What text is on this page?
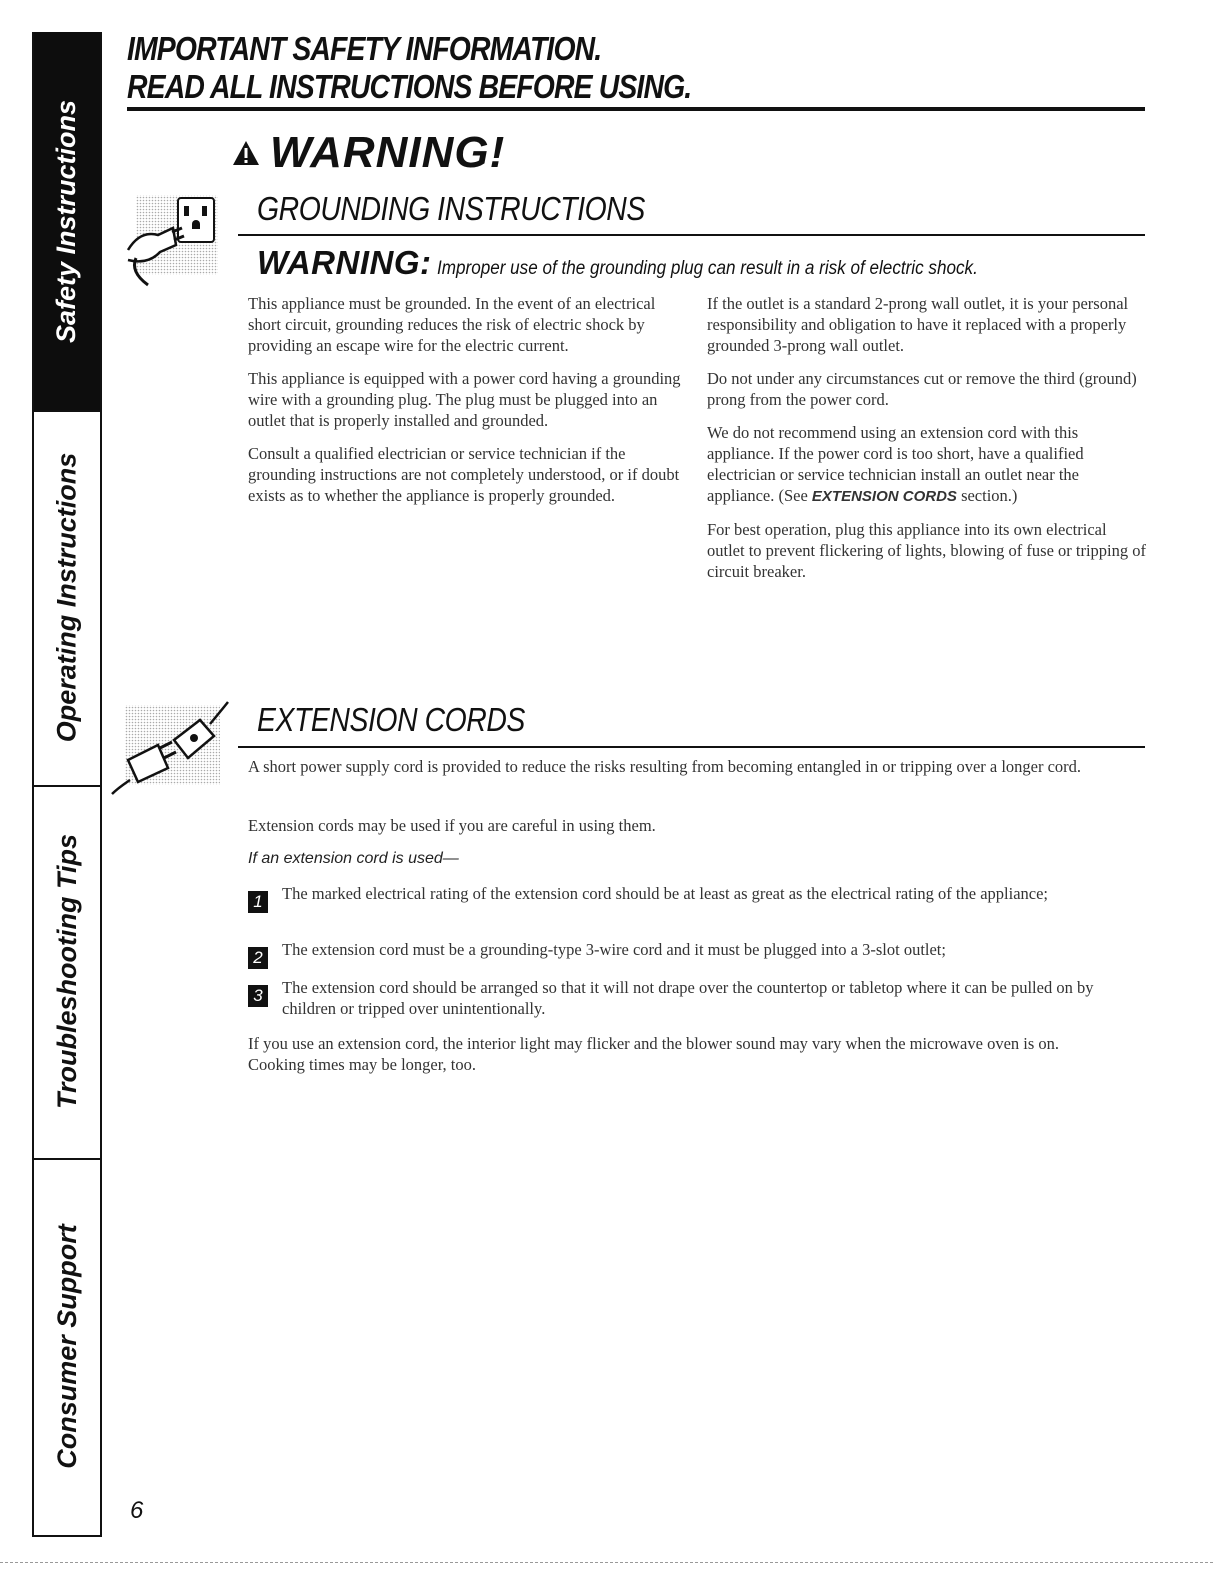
Safety Instructions
Operating Instructions
Troubleshooting Tips
Consumer Support
IMPORTANT SAFETY INFORMATION.
READ ALL INSTRUCTIONS BEFORE USING.
WARNING!
GROUNDING INSTRUCTIONS
WARNING: Improper use of the grounding plug can result in a risk of electric shock.

This appliance must be grounded. In the event of an electrical short circuit, grounding reduces the risk of electric shock by providing an escape wire for the electric current.

This appliance is equipped with a power cord having a grounding wire with a grounding plug. The plug must be plugged into an outlet that is properly installed and grounded.

Consult a qualified electrician or service technician if the grounding instructions are not completely understood, or if doubt exists as to whether the appliance is properly grounded.

If the outlet is a standard 2-prong wall outlet, it is your personal responsibility and obligation to have it replaced with a properly grounded 3-prong wall outlet.

Do not under any circumstances cut or remove the third (ground) prong from the power cord.

We do not recommend using an extension cord with this appliance. If the power cord is too short, have a qualified electrician or service technician install an outlet near the appliance. (See EXTENSION CORDS section.)

For best operation, plug this appliance into its own electrical outlet to prevent flickering of lights, blowing of fuse or tripping of circuit breaker.

EXTENSION CORDS
A short power supply cord is provided to reduce the risks resulting from becoming entangled in or tripping over a longer cord.
Extension cords may be used if you are careful in using them.
If an extension cord is used—
1	The marked electrical rating of the extension cord should be at least as great as the electrical rating of the appliance;
2	The extension cord must be a grounding-type 3-wire cord and it must be plugged into a 3-slot outlet;
3	The extension cord should be arranged so that it will not drape over the countertop or tabletop where it can be pulled on by children or tripped over unintentionally.
If you use an extension cord, the interior light may flicker and the blower sound may vary when the microwave oven is on. Cooking times may be longer, too.
6
